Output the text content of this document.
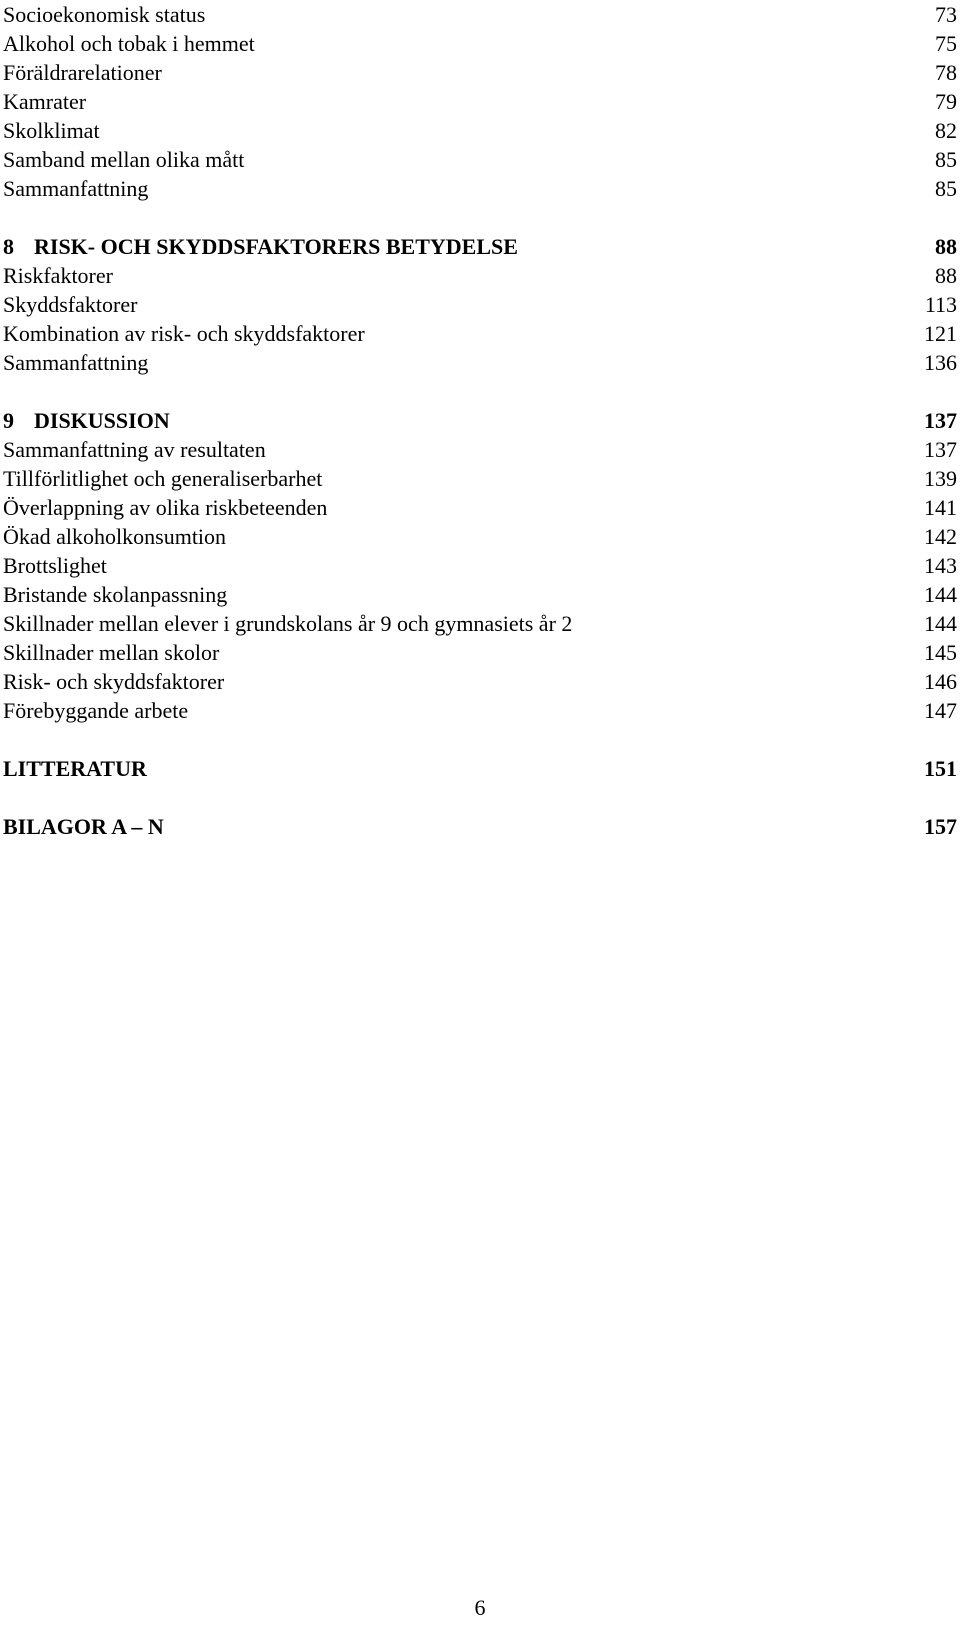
Socioekonomisk status	73
Alkohol och tobak i hemmet	75
Föräldrarelationer	78
Kamrater	79
Skolklimat	82
Samband mellan olika mått	85
Sammanfattning	85
8 RISK- OCH SKYDDSFAKTORERS BETYDELSE	88
Riskfaktorer	88
Skyddsfaktorer	113
Kombination av risk- och skyddsfaktorer	121
Sammanfattning	136
9 DISKUSSION	137
Sammanfattning av resultaten	137
Tillförlitlighet och generaliserbarhet	139
Överlappning av olika riskbeteenden	141
Ökad alkoholkonsumtion	142
Brottslighet	143
Bristande skolanpassning	144
Skillnader mellan elever i grundskolans år 9 och gymnasiets år 2	144
Skillnader mellan skolor	145
Risk- och skyddsfaktorer	146
Förebyggande arbete	147
LITTERATUR	151
BILAGOR A – N	157
6
